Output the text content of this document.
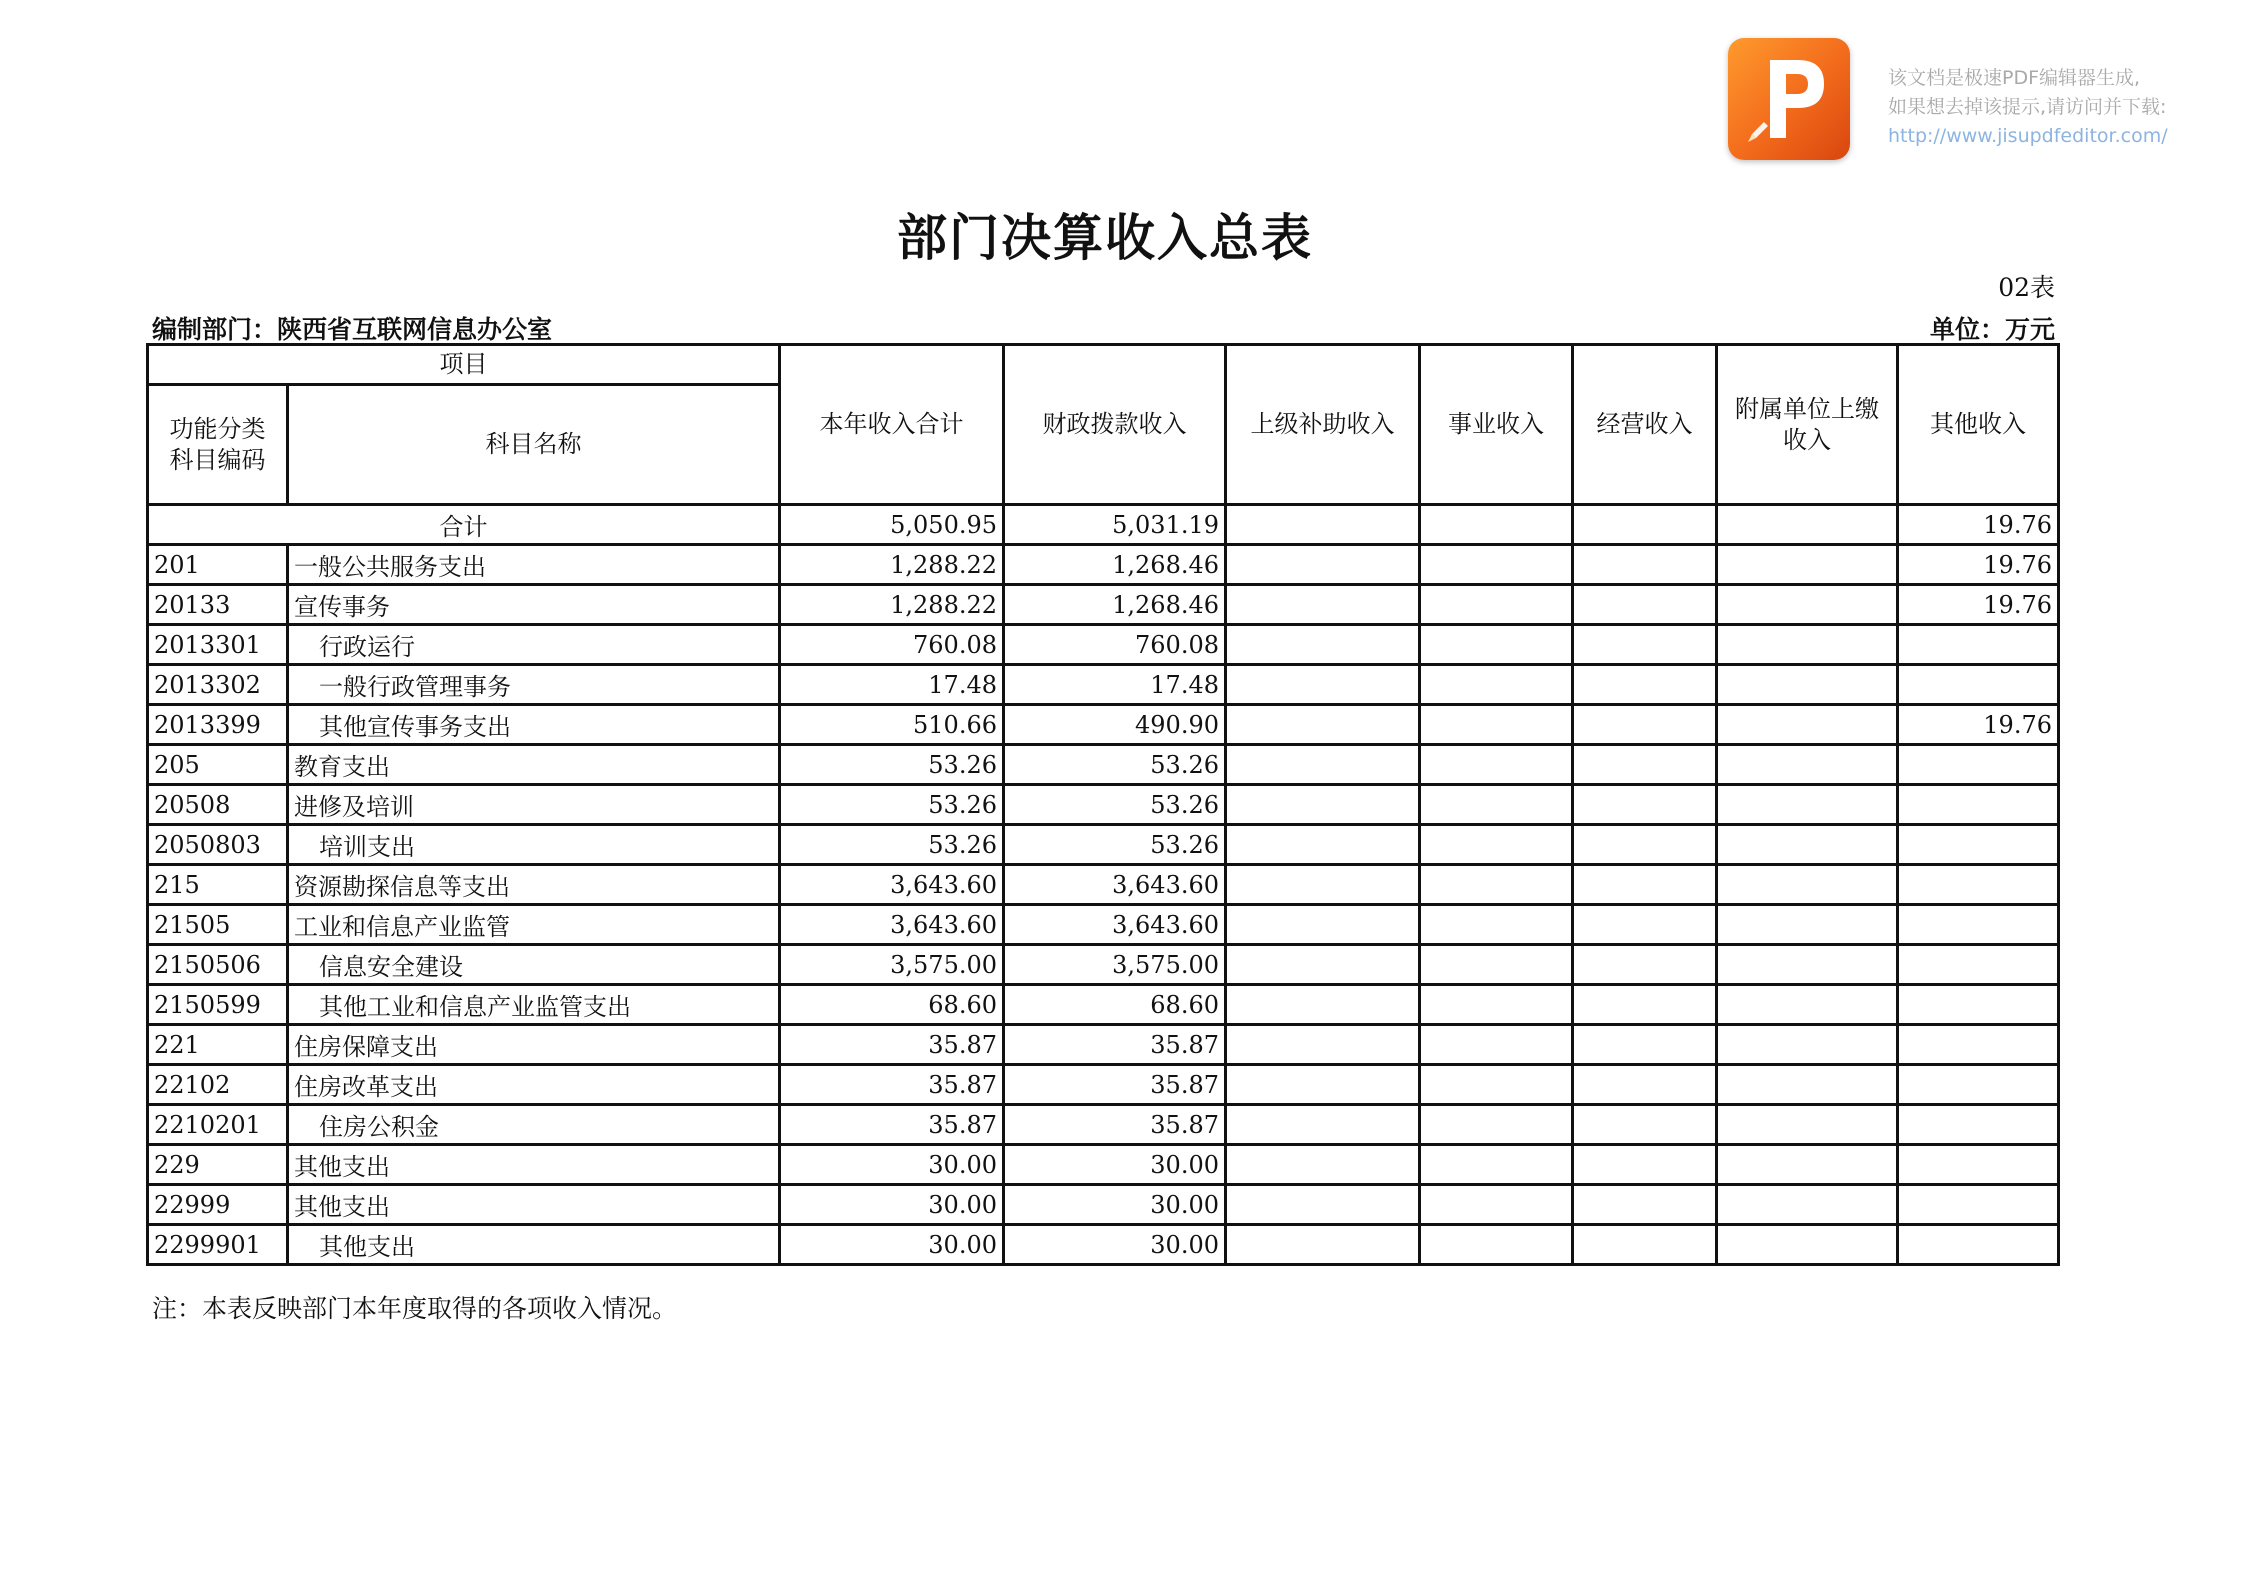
该文档是极速PDF编辑器生成,
如果想去掉该提示,请访问并下载:
http://www.jisupdfeditor.com/
部门决算收入总表
02表
编制部门：陕西省互联网信息办公室	单位：万元
项目		本年收入合计	财政拨款收入	上级补助收入	事业收入	经营收入	附属单位上缴 收入	其他收入
功能分类 科目编码	科目名称							
合计		5,050.95	5,031.19					19.76
201	一般公共服务支出	1,288.22	1,268.46					19.76
20133	宣传事务	1,288.22	1,268.46					19.76
2013301	行政运行	760.08	760.08					
2013302	一般行政管理事务	17.48	17.48					
2013399	其他宣传事务支出	510.66	490.90					19.76
205	教育支出	53.26	53.26					
20508	进修及培训	53.26	53.26					
2050803	培训支出	53.26	53.26					
215	资源勘探信息等支出	3,643.60	3,643.60					
21505	工业和信息产业监管	3,643.60	3,643.60					
2150506	信息安全建设	3,575.00	3,575.00					
2150599	其他工业和信息产业监管支出	68.60	68.60					
221	住房保障支出	35.87	35.87					
22102	住房改革支出	35.87	35.87					
2210201	住房公积金	35.87	35.87					
229	其他支出	30.00	30.00					
22999	其他支出	30.00	30.00					
2299901	其他支出	30.00	30.00					
注：本表反映部门本年度取得的各项收入情况。
